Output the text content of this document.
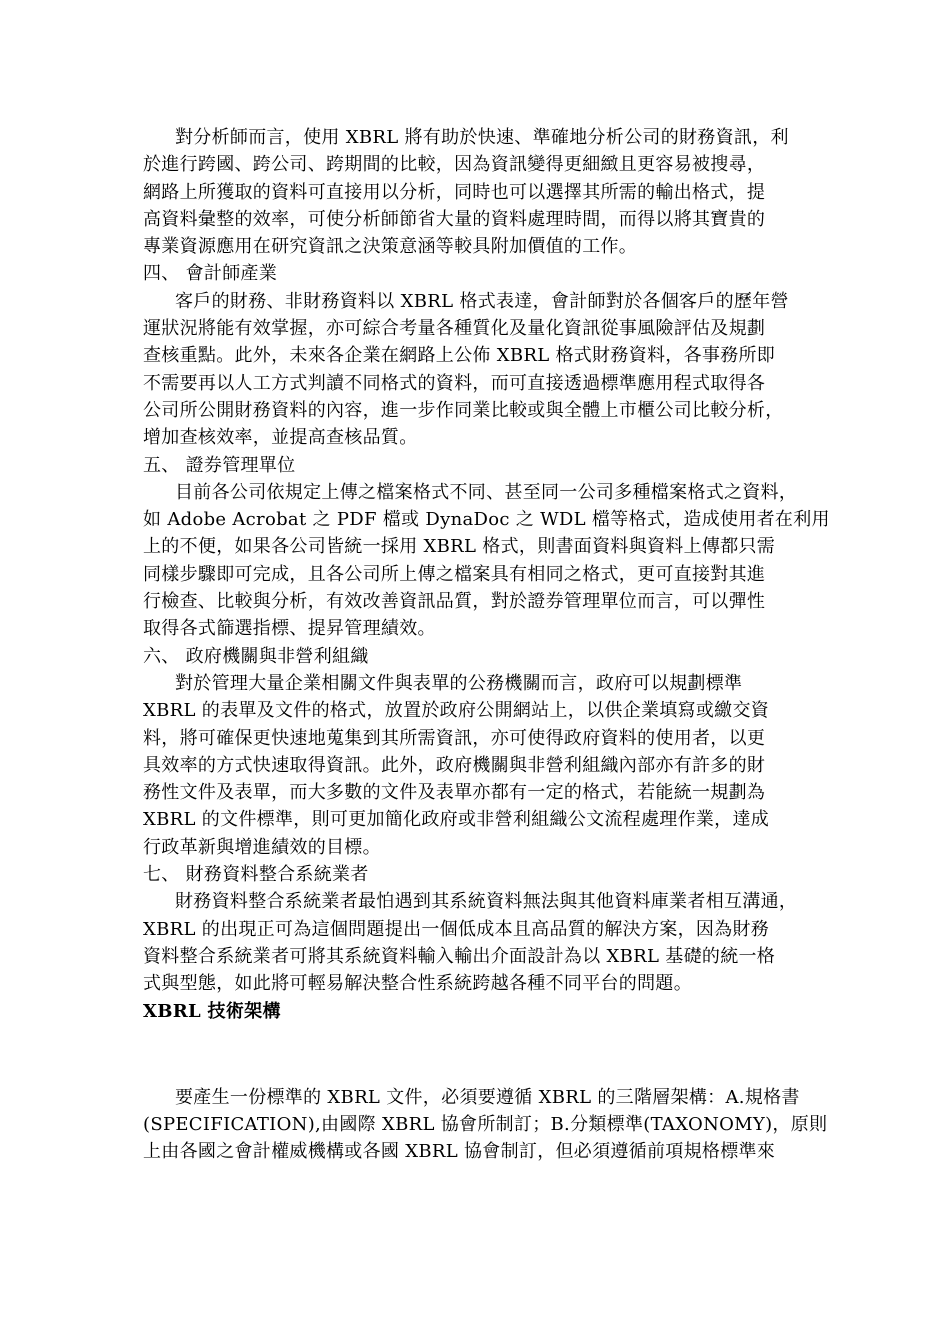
對分析師而言，使用 XBRL 將有助於快速、準確地分析公司的財務資訊，利
於進行跨國、跨公司、跨期間的比較，因為資訊變得更細緻且更容易被搜尋，
網路上所獲取的資料可直接用以分析，同時也可以選擇其所需的輸出格式，提
高資料彙整的效率，可使分析師節省大量的資料處理時間，而得以將其寶貴的
專業資源應用在研究資訊之決策意涵等較具附加價值的工作。
四、 會計師產業
客戶的財務、非財務資料以 XBRL 格式表達，會計師對於各個客戶的歷年營
運狀況將能有效掌握，亦可綜合考量各種質化及量化資訊從事風險評估及規劃
查核重點。此外，未來各企業在網路上公佈 XBRL 格式財務資料，各事務所即
不需要再以人工方式判讀不同格式的資料，而可直接透過標準應用程式取得各
公司所公開財務資料的內容，進一步作同業比較或與全體上市櫃公司比較分析，
增加查核效率，並提高查核品質。
五、 證券管理單位
目前各公司依規定上傳之檔案格式不同、甚至同一公司多種檔案格式之資料，
如 Adobe Acrobat 之 PDF 檔或 DynaDoc 之 WDL 檔等格式，造成使用者在利用
上的不便，如果各公司皆統一採用 XBRL 格式，則書面資料與資料上傳都只需
同樣步驟即可完成，且各公司所上傳之檔案具有相同之格式，更可直接對其進
行檢查、比較與分析，有效改善資訊品質，對於證券管理單位而言，可以彈性
取得各式篩選指標、提昇管理績效。
六、 政府機關與非營利組織
對於管理大量企業相關文件與表單的公務機關而言，政府可以規劃標準
XBRL 的表單及文件的格式，放置於政府公開網站上，以供企業填寫或繳交資
料，將可確保更快速地蒐集到其所需資訊，亦可使得政府資料的使用者，以更
具效率的方式快速取得資訊。此外，政府機關與非營利組織內部亦有許多的財
務性文件及表單，而大多數的文件及表單亦都有一定的格式，若能統一規劃為
XBRL 的文件標準，則可更加簡化政府或非營利組織公文流程處理作業，達成
行政革新與增進績效的目標。
七、 財務資料整合系統業者
財務資料整合系統業者最怕遇到其系統資料無法與其他資料庫業者相互溝通，
XBRL 的出現正可為這個問題提出一個低成本且高品質的解決方案，因為財務
資料整合系統業者可將其系統資料輸入輸出介面設計為以 XBRL 基礎的統一格
式與型態，如此將可輕易解決整合性系統跨越各種不同平台的問題。
XBRL 技術架構
要產生一份標準的 XBRL 文件，必須要遵循 XBRL 的三階層架構：A.規格書
(SPECIFICATION),由國際 XBRL 協會所制訂；B.分類標準(TAXONOMY)，原則
上由各國之會計權威機構或各國 XBRL 協會制訂，但必須遵循前項規格標準來
